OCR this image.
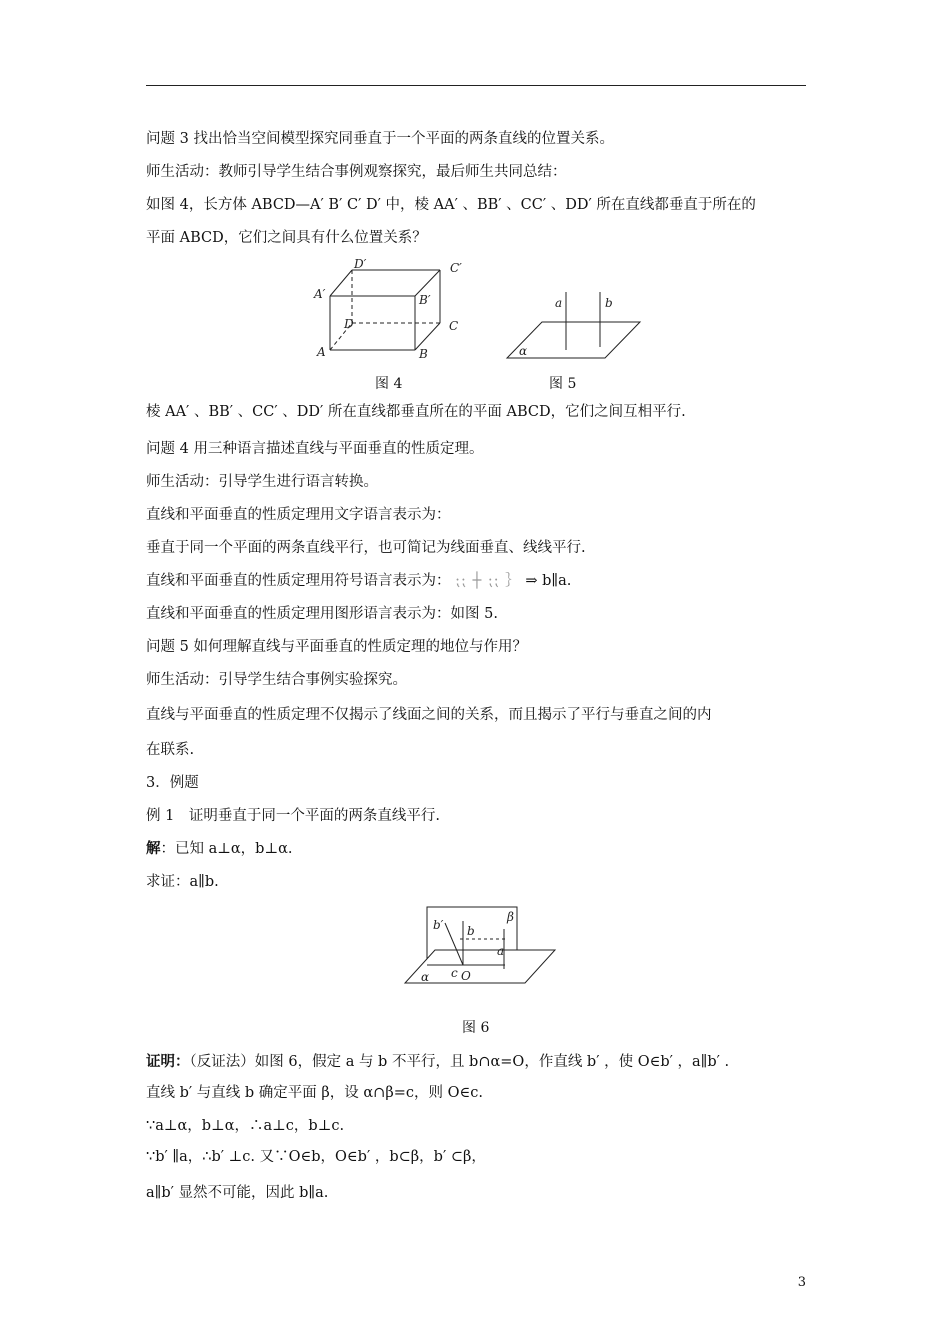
问题 3 找出恰当空间模型探究同垂直于一个平面的两条直线的位置关系。
师生活动：教师引导学生结合事例观察探究，最后师生共同总结：
如图 4，长方体 ABCD—A′ B′ C′ D′ 中，棱 AA′ 、BB′ 、CC′ 、DD′ 所在直线都垂直于所在的
平面 ABCD，它们之间具有什么位置关系？
D′	C′
A′	B′
D	C
A	B
a	b
α
图 4	图 5
棱 AA′ 、BB′ 、CC′ 、DD′ 所在直线都垂直所在的平面 ABCD，它们之间互相平行.
问题 4 用三种语言描述直线与平面垂直的性质定理。
师生活动：引导学生进行语言转换。
直线和平面垂直的性质定理用文字语言表示为：
垂直于同一个平面的两条直线平行，也可简记为线面垂直、线线平行.
直线和平面垂直的性质定理用符号语言表示为： ⁏⁏ ┼ ⁏⁏ ｝ ⇒ b∥a.
直线和平面垂直的性质定理用图形语言表示为：如图 5.
问题 5 如何理解直线与平面垂直的性质定理的地位与作用？
师生活动：引导学生结合事例实验探究。
直线与平面垂直的性质定理不仅揭示了线面之间的关系，而且揭示了平行与垂直之间的内
在联系.
3．例题
例 1　证明垂直于同一个平面的两条直线平行.
解：已知 a⊥α，b⊥α.
求证：a∥b.
β
b′ b
a
c O
α
图 6
证明：（反证法）如图 6，假定 a 与 b 不平行，且 b∩α=O，作直线 b′ ，使 O∈b′ ，a∥b′ .
直线 b′ 与直线 b 确定平面 β，设 α∩β=c，则 O∈c.
∵a⊥α，b⊥α，∴a⊥c，b⊥c.
∵b′ ∥a，∴b′ ⊥c. 又∵O∈b，O∈b′ ，b⊂β，b′ ⊂β，
a∥b′ 显然不可能，因此 b∥a.
3
